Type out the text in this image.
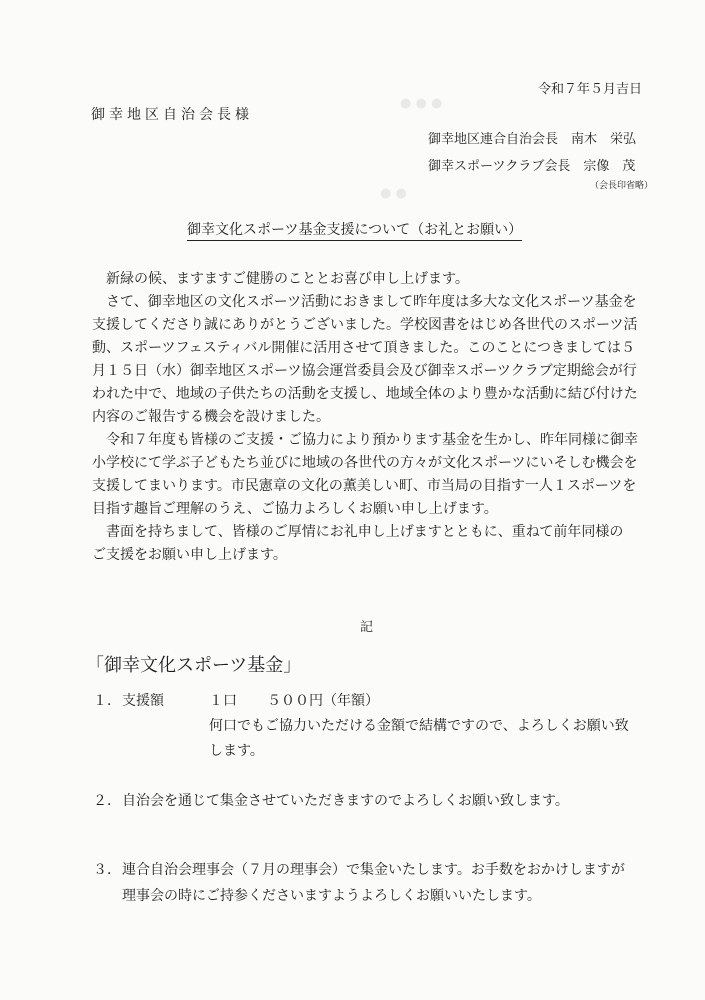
● ● ●
● ●
令和７年５月吉日
御幸地区自治会長様
御幸地区連合自治会長　南木　栄弘
御幸スポーツクラブ会長　宗像　茂
（会長印省略）
御幸文化スポーツ基金支援について（お礼とお願い）

　新緑の候、ますますご健勝のこととお喜び申し上げます。

　さて、御幸地区の文化スポーツ活動におきまして昨年度は多大な文化スポーツ基金を

支援してくださり誠にありがとうございました。学校図書をはじめ各世代のスポーツ活

動、スポーツフェスティバル開催に活用させて頂きました。このことにつきましては５

月１５日（水）御幸地区スポーツ協会運営委員会及び御幸スポーツクラブ定期総会が行

われた中で、地域の子供たちの活動を支援し、地域全体のより豊かな活動に結び付けた

内容のご報告する機会を設けました。

　令和７年度も皆様のご支援・ご協力により預かります基金を生かし、昨年同様に御幸

小学校にて学ぶ子どもたち並びに地域の各世代の方々が文化スポーツにいそしむ機会を

支援してまいります。市民憲章の文化の薫美しい町、市当局の目指す一人１スポーツを

目指す趣旨ご理解のうえ、ご協力よろしくお願い申し上げます。

　書面を持ちまして、皆様のご厚情にお礼申し上げますとともに、重ねて前年同様の

ご支援をお願い申し上げます。

記
「御幸文化スポーツ基金」
１． 支援額	１口 ５００円（年額）
何口でもご協力いただける金額で結構ですので、よろしくお願い致
します。
２． 自治会を通じて集金させていただきますのでよろしくお願い致します。
３． 連合自治会理事会（７月の理事会）で集金いたします。お手数をおかけしますが
理事会の時にご持参くださいますようよろしくお願いいたします。
